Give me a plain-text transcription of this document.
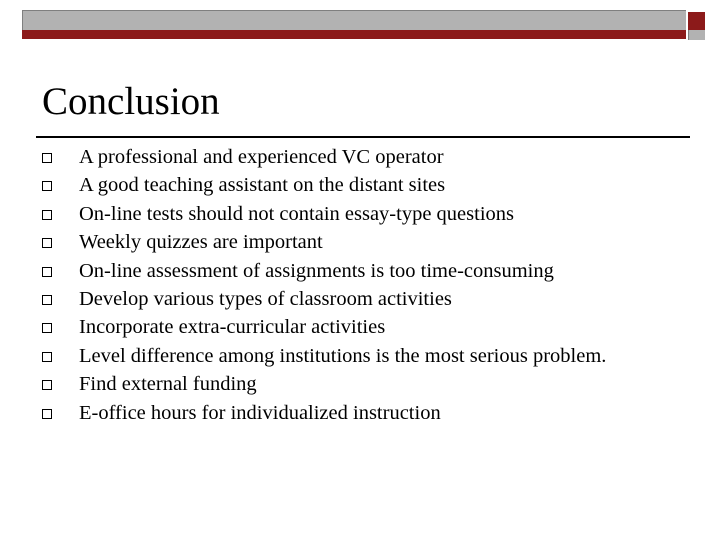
Conclusion
A professional and experienced VC operator
A good teaching assistant on the distant sites
On-line tests should not contain essay-type questions
Weekly quizzes are important
On-line assessment of assignments is too time-consuming
Develop various types of classroom activities
Incorporate extra-curricular activities
Level difference among institutions is the most serious problem.
Find external funding
E-office hours for individualized instruction
